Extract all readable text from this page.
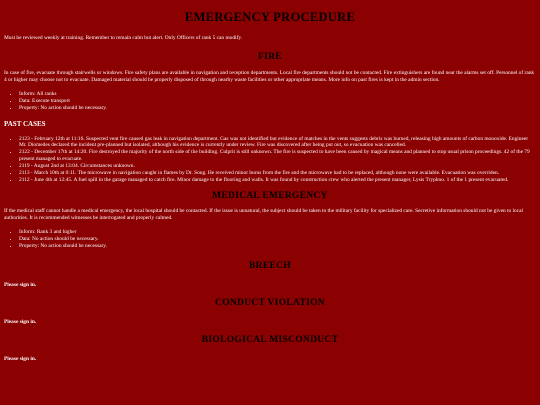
EMERGENCY PROCEDURE

Must be reviewed weekly at training. Remember to remain calm but alert. Only Officers of rank 5 can modify.

FIRE

In case of fire, evacuate through stairwells or windows. Fire safety plans are available in navigation and reception departments. Local fire departments should not be contacted. Fire extinguishers are found near the alarms set off. Personnel of rank 4 or higher may choose not to evacuate. Damaged material should be properly disposed of through nearby waste facilities or other appropriate means. More info on past fires is kept in the admin section.

• Inform: All ranks
• Data: Execute transport
• Property: No action should be necessary.
PAST CASES
• 2123 - February 12th at 11:16. Suspected vent fire caused gas leak in navigation department. Gas was not identified but evidence of matches in the vents suggests debris was burned, releasing high amounts of carbon monoxide. Engineer Mr. Diomedes declared the incident pre-planned but isolated, although his evidence is currently under review. Fire was discovered after being put out, so evacuation was cancelled.
• 2122 - December 17th at 14:20. Fire destroyed the majority of the north side of the building. Culprit is still unknown. The fire is suspected to have been caused by magical means and planned to stop usual prison proceedings. 42 of the 79 present managed to evacuate.
• 2119 - August 2nd at 13:04. Circumstances unknown.
• 2113 - March 10th at 0:11. The microwave in navigation caught in flames by Dr. Song. He received minor burns from the fire and the microwave had to be replaced, although none were available. Evacuation was overriden.
• 2112 - June 4th at 12:45. A fuel spill in the garage managed to catch fire. Minor damage to the flooring and walls. It was found by construction crew who alerted the present manager, Lysis Tryphno. 1 of the 1 present evacuated.
MEDICAL EMERGENCY

If the medical staff cannot handle a medical emergency, the local hospital should be contacted. If the issue is unnatural, the subject should be taken to the military facility for specialized care. Secretive information should not be given to local authorities. It is recommended witnesses be interrogated and properly calmed.

• Inform: Rank 3 and higher
• Data: No action should be necessary.
• Property: No action should be necessary.
BREECH

Please sign in.

CONDUCT VIOLATION

Please sign in.

BIOLOGICAL MISCONDUCT

Please sign in.
